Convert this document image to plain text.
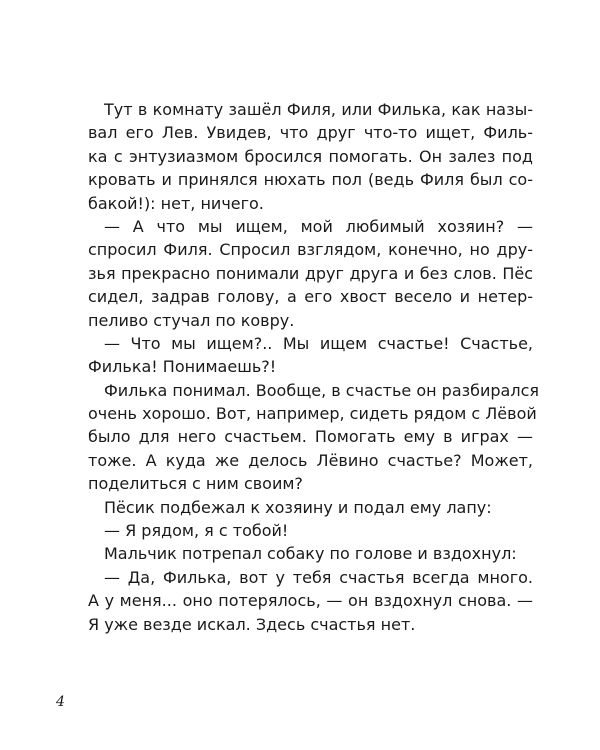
Тут в комнату зашёл Филя, или Филька, как назы-
вал его Лев. Увидев, что друг что-то ищет, Филь-
ка с энтузиазмом бросился помогать. Он залез под
кровать и принялся нюхать пол (ведь Филя был со-
бакой!): нет, ничего.
— А что мы ищем, мой любимый хозяин? —
спросил Филя. Спросил взглядом, конечно, но дру-
зья прекрасно понимали друг друга и без слов. Пёс
сидел, задрав голову, а его хвост весело и нетер-
пеливо стучал по ковру.
— Что мы ищем?.. Мы ищем счастье! Счастье,
Филька! Понимаешь?!
Филька понимал. Вообще, в счастье он разбирался
очень хорошо. Вот, например, сидеть рядом с Лёвой
было для него счастьем. Помогать ему в играх —
тоже. А куда же делось Лёвино счастье? Может,
поделиться с ним своим?
Пёсик подбежал к хозяину и подал ему лапу:
— Я рядом, я с тобой!
Мальчик потрепал собаку по голове и вздохнул:
— Да, Филька, вот у тебя счастья всегда много.
А у меня... оно потерялось, — он вздохнул снова. —
Я уже везде искал. Здесь счастья нет.
4
